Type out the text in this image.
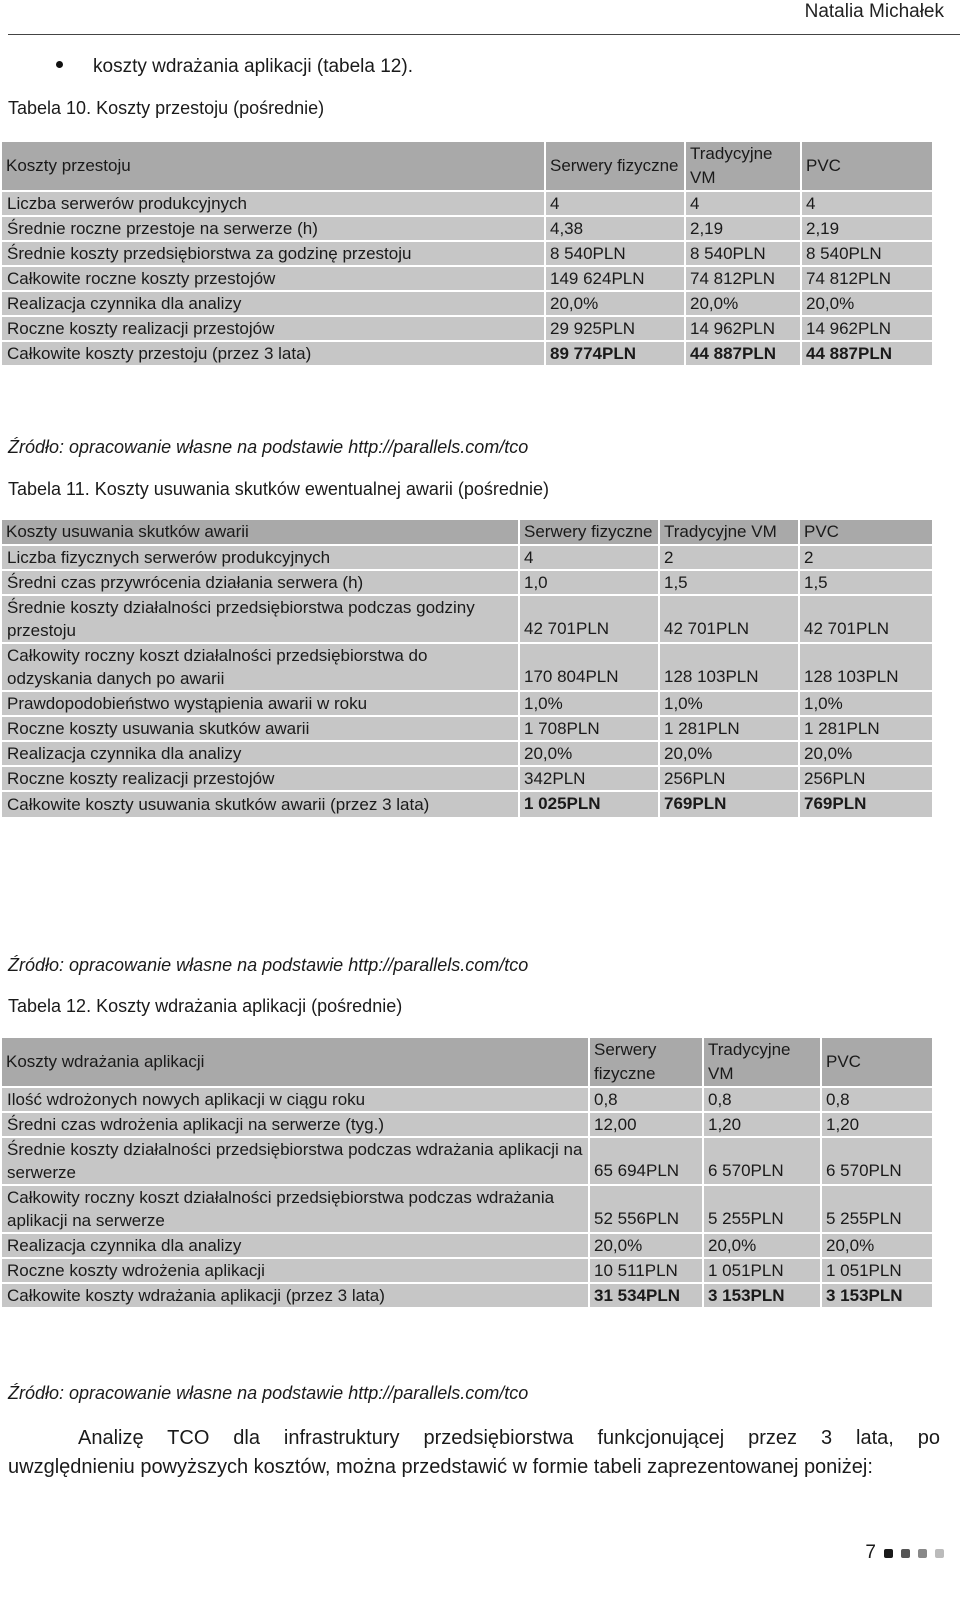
Natalia Michałek
koszty wdrażania aplikacji (tabela 12).
Tabela 10. Koszty przestoju (pośrednie)
Koszty przestoju	Serwery fizyczne	Tradycyjne VM	PVC
Liczba serwerów produkcyjnych	4	4	4
Średnie roczne przestoje na serwerze (h)	4,38	2,19	2,19
Średnie koszty przedsiębiorstwa za godzinę przestoju	8 540PLN	8 540PLN	8 540PLN
Całkowite roczne koszty przestojów	149 624PLN	74 812PLN	74 812PLN
Realizacja czynnika dla analizy	20,0%	20,0%	20,0%
Roczne koszty realizacji przestojów	29 925PLN	14 962PLN	14 962PLN
Całkowite koszty przestoju (przez 3 lata)	89 774PLN	44 887PLN	44 887PLN
Źródło: opracowanie własne na podstawie http://parallels.com/tco
Tabela 11. Koszty usuwania skutków ewentualnej awarii (pośrednie)
Koszty usuwania skutków awarii	Serwery fizyczne	Tradycyjne VM	PVC
Liczba fizycznych serwerów produkcyjnych	4	2	2
Średni czas przywrócenia działania serwera (h)	1,0	1,5	1,5
Średnie koszty działalności przedsiębiorstwa podczas godziny przestoju	42 701PLN	42 701PLN	42 701PLN
Całkowity roczny koszt działalności przedsiębiorstwa do odzyskania danych po awarii	170 804PLN	128 103PLN	128 103PLN
Prawdopodobieństwo wystąpienia awarii w roku	1,0%	1,0%	1,0%
Roczne koszty usuwania skutków awarii	1 708PLN	1 281PLN	1 281PLN
Realizacja czynnika dla analizy	20,0%	20,0%	20,0%
Roczne koszty realizacji przestojów	342PLN	256PLN	256PLN
Całkowite koszty usuwania skutków awarii (przez 3 lata)	1 025PLN	769PLN	769PLN
Źródło: opracowanie własne na podstawie http://parallels.com/tco
Tabela 12. Koszty wdrażania aplikacji (pośrednie)
Koszty wdrażania aplikacji	Serwery fizyczne	Tradycyjne VM	PVC
Ilość wdrożonych nowych aplikacji w ciągu roku	0,8	0,8	0,8
Średni czas wdrożenia aplikacji na serwerze (tyg.)	12,00	1,20	1,20
Średnie koszty działalności przedsiębiorstwa podczas wdrażania aplikacji na serwerze	65 694PLN	6 570PLN	6 570PLN
Całkowity roczny koszt działalności przedsiębiorstwa podczas wdrażania aplikacji na serwerze	52 556PLN	5 255PLN	5 255PLN
Realizacja czynnika dla analizy	20,0%	20,0%	20,0%
Roczne koszty wdrożenia aplikacji	10 511PLN	1 051PLN	1 051PLN
Całkowite koszty wdrażania aplikacji (przez 3 lata)	31 534PLN	3 153PLN	3 153PLN
Źródło: opracowanie własne na podstawie http://parallels.com/tco
Analizę TCO dla infrastruktury przedsiębiorstwa funkcjonującej przez 3 lata, po
uwzględnieniu powyższych kosztów, można przedstawić w formie tabeli zaprezentowanej poniżej:
7
